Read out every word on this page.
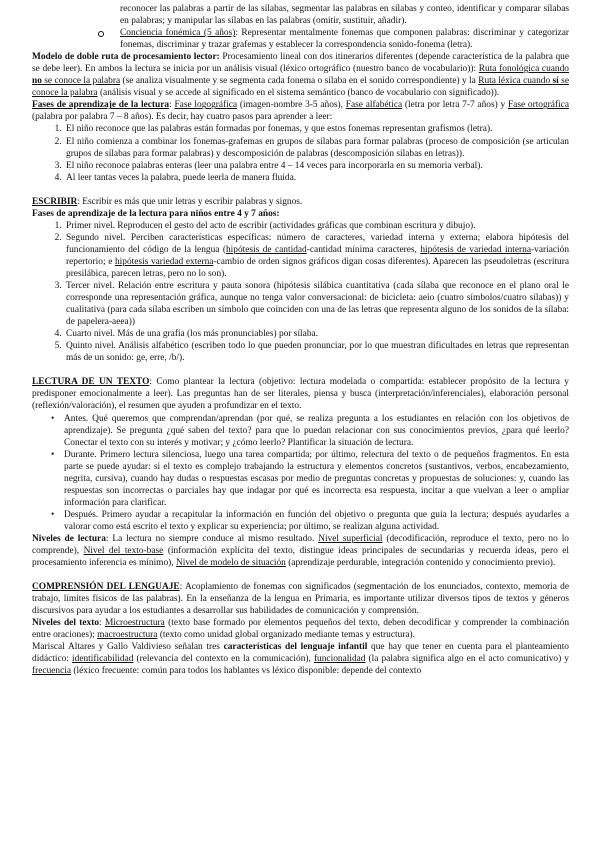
reconocer las palabras a partir de las sílabas, segmentar las palabras en sílabas y conteo, identificar y comparar sílabas en palabras; y manipular las sílabas en las palabras (omitir, sustituir, añadir).

Conciencia fonémica (5 años): Representar mentalmente fonemas que componen palabras: discriminar y categorizar fonemas, discriminar y trazar grafemas y establecer la correspondencia sonido-fonema (letra).

Modelo de doble ruta de procesamiento lector: Procesamiento lineal con dos itinerarios diferentes (depende característica de la palabra que se debe leer). En ambos la lectura se inicia por un análisis visual (léxico ortográfico (nuestro banco de vocabulario)): Ruta fonológica cuando no se conoce la palabra (se analiza visualmente y se segmenta cada fonema o sílaba en el sonido correspondiente) y la Ruta léxica cuando sí se conoce la palabra (análisis visual y se accede al significado en el sistema semántico (banco de vocabulario con significado)).

Fases de aprendizaje de la lectura: Fase logográfica (imagen-nombre 3-5 años), Fase alfabética (letra por letra 7-7 años) y Fase ortográfica (palabra por palabra 7 – 8 años). Es decir, hay cuatro pasos para aprender a leer:

1. El niño reconoce que las palabras están formadas por fonemas, y que estos fonemas representan grafismos (letra).
2. El niño comienza a combinar los fonemas-grafemas en grupos de sílabas para formar palabras (proceso de composición (se articulan grupos de sílabas para formar palabras) y descomposición de palabras (descomposición sílabas en letras)).
3. El niño reconoce palabras enteras (leer una palabra entre 4 – 14 veces para incorporarla en su memoria verbal).
4. Al leer tantas veces la palabra, puede leerla de manera fluida.

ESCRIBIR: Escribir es más que unir letras y escribir palabras y signos.

Fases de aprendizaje de la lectura para niños entre 4 y 7 años:

1. Primer nivel. Reproducen el gesto del acto de escribir (actividades gráficas que combinan escritura y dibujo).
2. Segundo nivel. Perciben características específicas: número de caracteres, variedad interna y externa; elabora hipótesis del funcionamiento del código de la lengua (hipótesis de cantidad-cantidad mínima caracteres, hipótesis de variedad interna-variación repertorio; e hipótesis variedad externa-cambio de orden signos gráficos digan cosas diferentes). Aparecen las pseudoletras (escritura presilábica, parecen letras, pero no lo son).
3. Tercer nivel. Relación entre escritura y pauta sonora (hipótesis silábica cuantitativa (cada sílaba que reconoce en el plano oral le corresponde una representación gráfica, aunque no tenga valor conversacional: de bicicleta: aeio (cuatro símbolos/cuatro sílabas)) y cualitativa (para cada sílaba escriben un símbolo que coinciden con una de las letras que representa alguno de los sonidos de la sílaba: de papelera-aeea))
4. Cuarto nivel. Más de una grafía (los más pronunciables) por sílaba.
5. Quinto nivel. Análisis alfabético (escriben todo lo que pueden pronunciar, por lo que muestran dificultades en letras que representan más de un sonido: ge, erre, /b/).

LECTURA DE UN TEXTO: Como plantear la lectura (objetivo: lectura modelada o compartida: establecer propósito de la lectura y predisponer emocionalmente a leer). Las preguntas han de ser literales, piensa y busca (interpretación/inferenciales), elaboración personal (reflexión/valoración), el resumen que ayuden a profundizar en el texto.

• Antes. Qué queremos que comprendan/aprendan (por qué, se realiza pregunta a los estudiantes en relación con los objetivos de aprendizaje). Se pregunta ¿qué saben del texto? para que lo puedan relacionar con sus conocimientos previos, ¿para qué leerlo? Conectar el texto con su interés y motivar; y ¿cómo leerlo? Plantificar la situación de lectura.
• Durante. Primero lectura silenciosa, luego una tarea compartida; por último, relectura del texto o de pequeños fragmentos. En esta parte se puede ayudar: si el texto es complejo trabajando la estructura y elementos concretos (sustantivos, verbos, encabezamiento, negrita, cursiva), cuando hay dudas o respuestas escasas por medio de preguntas concretas y propuestas de soluciones: y, cuando las respuestas son incorrectas o parciales hay que indagar por qué es incorrecta esa respuesta, incitar a que vuelvan a leer o ampliar información para clarificar.
• Después. Primero ayudar a recapitular la información en función del objetivo o pregunta que guía la lectura; después ayudarles a valorar como está escrito el texto y explicar su experiencia; por último, se realizan alguna actividad.

Niveles de lectura: La lectura no siempre conduce al mismo resultado. Nivel superficial (decodificación, reproduce el texto, pero no lo comprende), Nivel del texto-base (información explícita del texto, distingue ideas principales de secundarias y recuerda ideas, pero el procesamiento inferencia es mínimo), Nivel de modelo de situación (aprendizaje perdurable, integración contenido y conocimiento previo).

COMPRENSIÓN DEL LENGUAJE: Acoplamiento de fonemas con significados (segmentación de los enunciados, contexto, memoria de trabajo, límites físicos de las palabras). En la enseñanza de la lengua en Primaria, es importante utilizar diversos tipos de textos y géneros discursivos para ayudar a los estudiantes a desarrollar sus habilidades de comunicación y comprensión.

Niveles del texto: Microestructura (texto base formado por elementos pequeños del texto, deben decodificar y comprender la combinación entre oraciones); macroestructura (texto como unidad global organizado mediante temas y estructura).

Mariscal Altares y Gallo Valdivieso señalan tres características del lenguaje infantil que hay que tener en cuenta para el planteamiento didáctico: identificabilidad (relevancia del contexto en la comunicación), funcionalidad (la palabra significa algo en el acto comunicativo) y frecuencia (léxico frecuente: común para todos los hablantes vs léxico disponible: depende del contexto
